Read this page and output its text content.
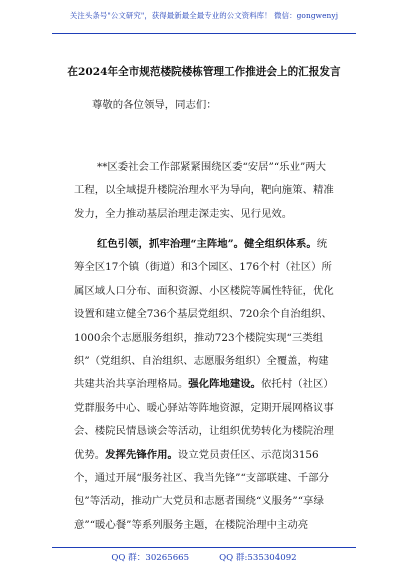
关注头条号"公文研究"，获得最新最全最专业的公文资料库！ 微信：gongwenyj
在2024年全市规范楼院楼栋管理工作推进会上的汇报发言
尊敬的各位领导，同志们：

**区委社会工作部紧紧围绕区委“安居”“乐业”两大工程，以全域提升楼院治理水平为导向，靶向施策、精准发力，全力推动基层治理走深走实、见行见效。

红色引领，抓牢治理“主阵地”。健全组织体系。统筹全区17个镇（街道）和3个园区、176个村（社区）所属区域人口分布、面积资源、小区楼院等属性特征，优化设置和建立健全736个基层党组织、720余个自治组织、1000余个志愿服务组织，推动723个楼院实现“三类组织”（党组织、自治组织、志愿服务组织）全覆盖，构建共建共治共享治理格局。强化阵地建设。依托村（社区）党群服务中心、暖心驿站等阵地资源，定期开展网格议事会、楼院民情恳谈会等活动，让组织优势转化为楼院治理优势。发挥先锋作用。设立党员责任区、示范岗3156个，通过开展“服务社区、我当先锋”“支部联建、千部分包”等活动，推动广大党员和志愿者围绕“义服务”“享绿意”“暖心餐”等系列服务主题，在楼院治理中主动亮

QQ 群：30265665	QQ 群:535304092
